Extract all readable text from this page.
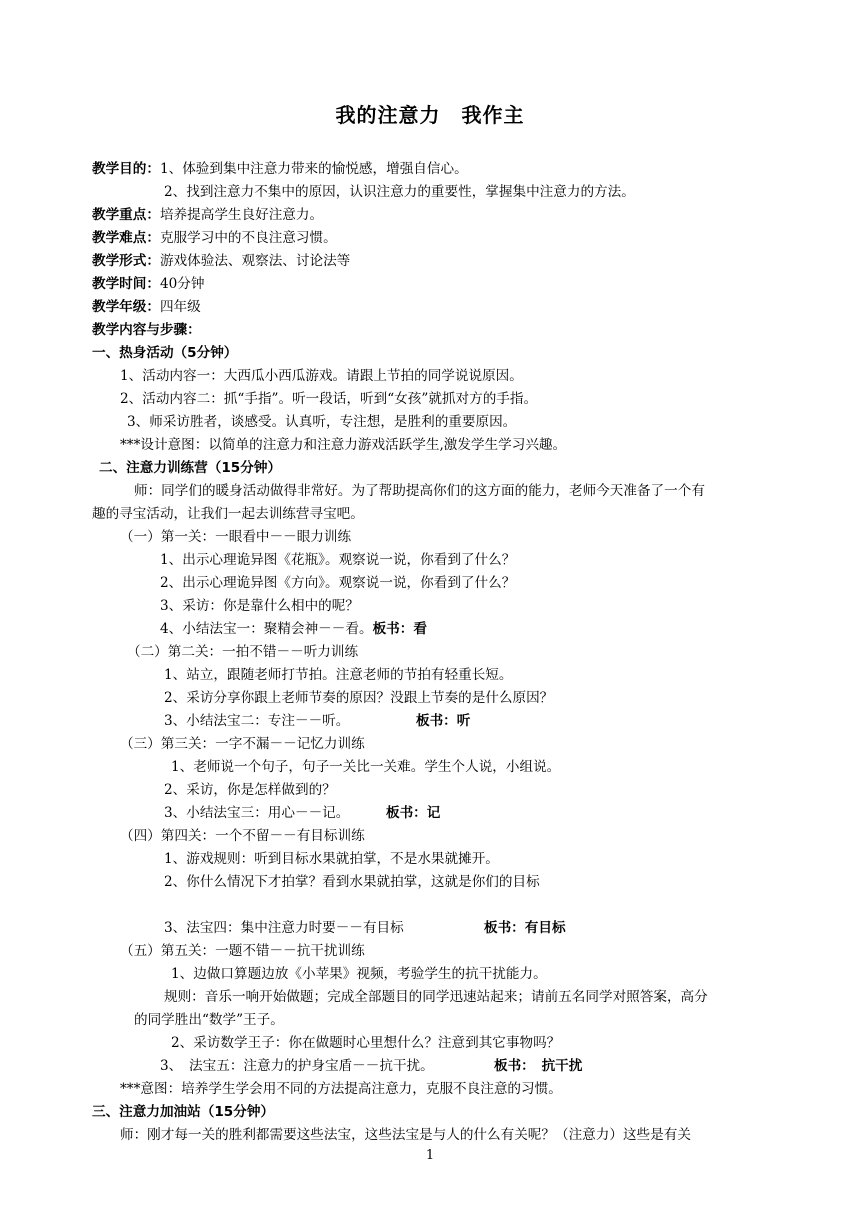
我的注意力　我作主
教学目的：1、体验到集中注意力带来的愉悦感，增强自信心。
2、找到注意力不集中的原因，认识注意力的重要性，掌握集中注意力的方法。
教学重点：培养提高学生良好注意力。
教学难点：克服学习中的不良注意习惯。
教学形式：游戏体验法、观察法、讨论法等
教学时间：40分钟
教学年级：四年级
教学内容与步骤：
一、热身活动（5分钟）
1、活动内容一：大西瓜小西瓜游戏。请跟上节拍的同学说说原因。
2、活动内容二：抓“手指”。听一段话，听到“女孩”就抓对方的手指。
3、师采访胜者，谈感受。认真听，专注想，是胜利的重要原因。
***设计意图：以简单的注意力和注意力游戏活跃学生,激发学生学习兴趣。
二、注意力训练营（15分钟）
师：同学们的暖身活动做得非常好。为了帮助提高你们的这方面的能力，老师今天准备了一个有
趣的寻宝活动，让我们一起去训练营寻宝吧。
（一）第一关：一眼看中－－眼力训练
1、出示心理诡异图《花瓶》。观察说一说，你看到了什么？
2、出示心理诡异图《方向》。观察说一说，你看到了什么？
3、采访：你是靠什么相中的呢？
4、小结法宝一：聚精会神－－看。板书：看
（二）第二关：一拍不错－－听力训练
1、站立，跟随老师打节拍。注意老师的节拍有轻重长短。
2、采访分享你跟上老师节奏的原因？没跟上节奏的是什么原因？
3、小结法宝二：专注－－听。	板书：听
（三）第三关：一字不漏－－记忆力训练
1、老师说一个句子，句子一关比一关难。学生个人说，小组说。
2、采访，你是怎样做到的？
3、小结法宝三：用心－－记。	板书：记
（四）第四关：一个不留－－有目标训练
1、游戏规则：听到目标水果就拍掌，不是水果就摊开。
2、你什么情况下才拍掌？看到水果就拍掌，这就是你们的目标
3、法宝四：集中注意力时要－－有目标	板书：有目标
（五）第五关：一题不错－－抗干扰训练
1、边做口算题边放《小苹果》视频，考验学生的抗干扰能力。
规则：音乐一响开始做题；完成全部题目的同学迅速站起来；请前五名同学对照答案，高分
的同学胜出“数学”王子。
2、采访数学王子：你在做题时心里想什么？注意到其它事物吗？
3、　法宝五：注意力的护身宝盾－－抗干扰。	板书：　抗干扰
***意图：培养学生学会用不同的方法提高注意力，克服不良注意的习惯。
三、注意力加油站（15分钟）
师：刚才每一关的胜利都需要这些法宝，这些法宝是与人的什么有关呢？（注意力）这些是有关
1
